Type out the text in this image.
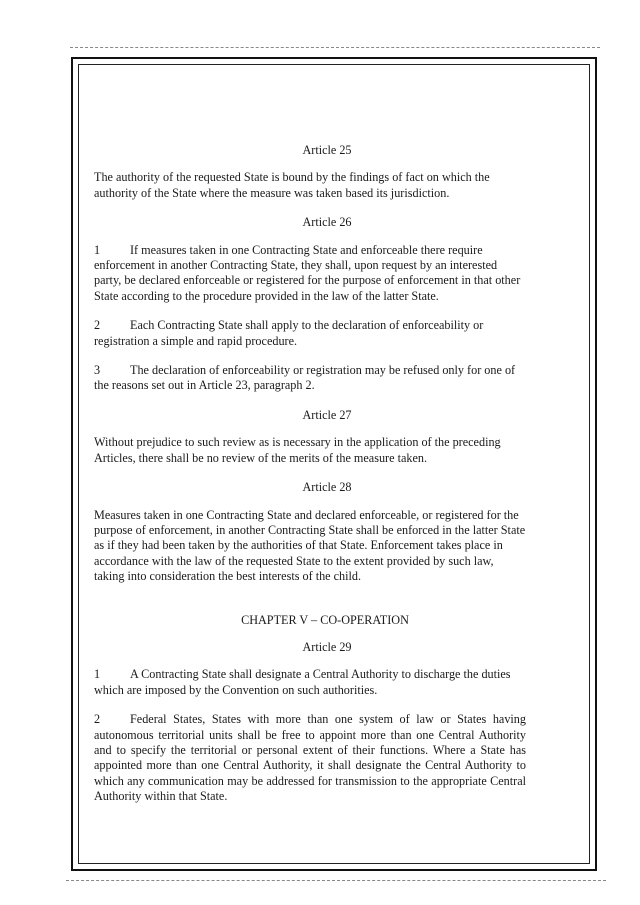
Article 25

The authority of the requested State is bound by the findings of fact on which the authority of the State where the measure was taken based its jurisdiction.

Article 26

1 If measures taken in one Contracting State and enforceable there require enforcement in another Contracting State, they shall, upon request by an interested party, be declared enforceable or registered for the purpose of enforcement in that other State according to the procedure provided in the law of the latter State.

2 Each Contracting State shall apply to the declaration of enforceability or registration a simple and rapid procedure.

3 The declaration of enforceability or registration may be refused only for one of the reasons set out in Article 23, paragraph 2.

Article 27

Without prejudice to such review as is necessary in the application of the preceding Articles, there shall be no review of the merits of the measure taken.

Article 28

Measures taken in one Contracting State and declared enforceable, or registered for the purpose of enforcement, in another Contracting State shall be enforced in the latter State as if they had been taken by the authorities of that State. Enforcement takes place in accordance with the law of the requested State to the extent provided by such law, taking into consideration the best interests of the child.

CHAPTER V – CO-OPERATION
Article 29

1 A Contracting State shall designate a Central Authority to discharge the duties which are imposed by the Convention on such authorities.

2 Federal States, States with more than one system of law or States having autonomous territorial units shall be free to appoint more than one Central Authority and to specify the territorial or personal extent of their functions. Where a State has appointed more than one Central Authority, it shall designate the Central Authority to which any communication may be addressed for transmission to the appropriate Central Authority within that State.
